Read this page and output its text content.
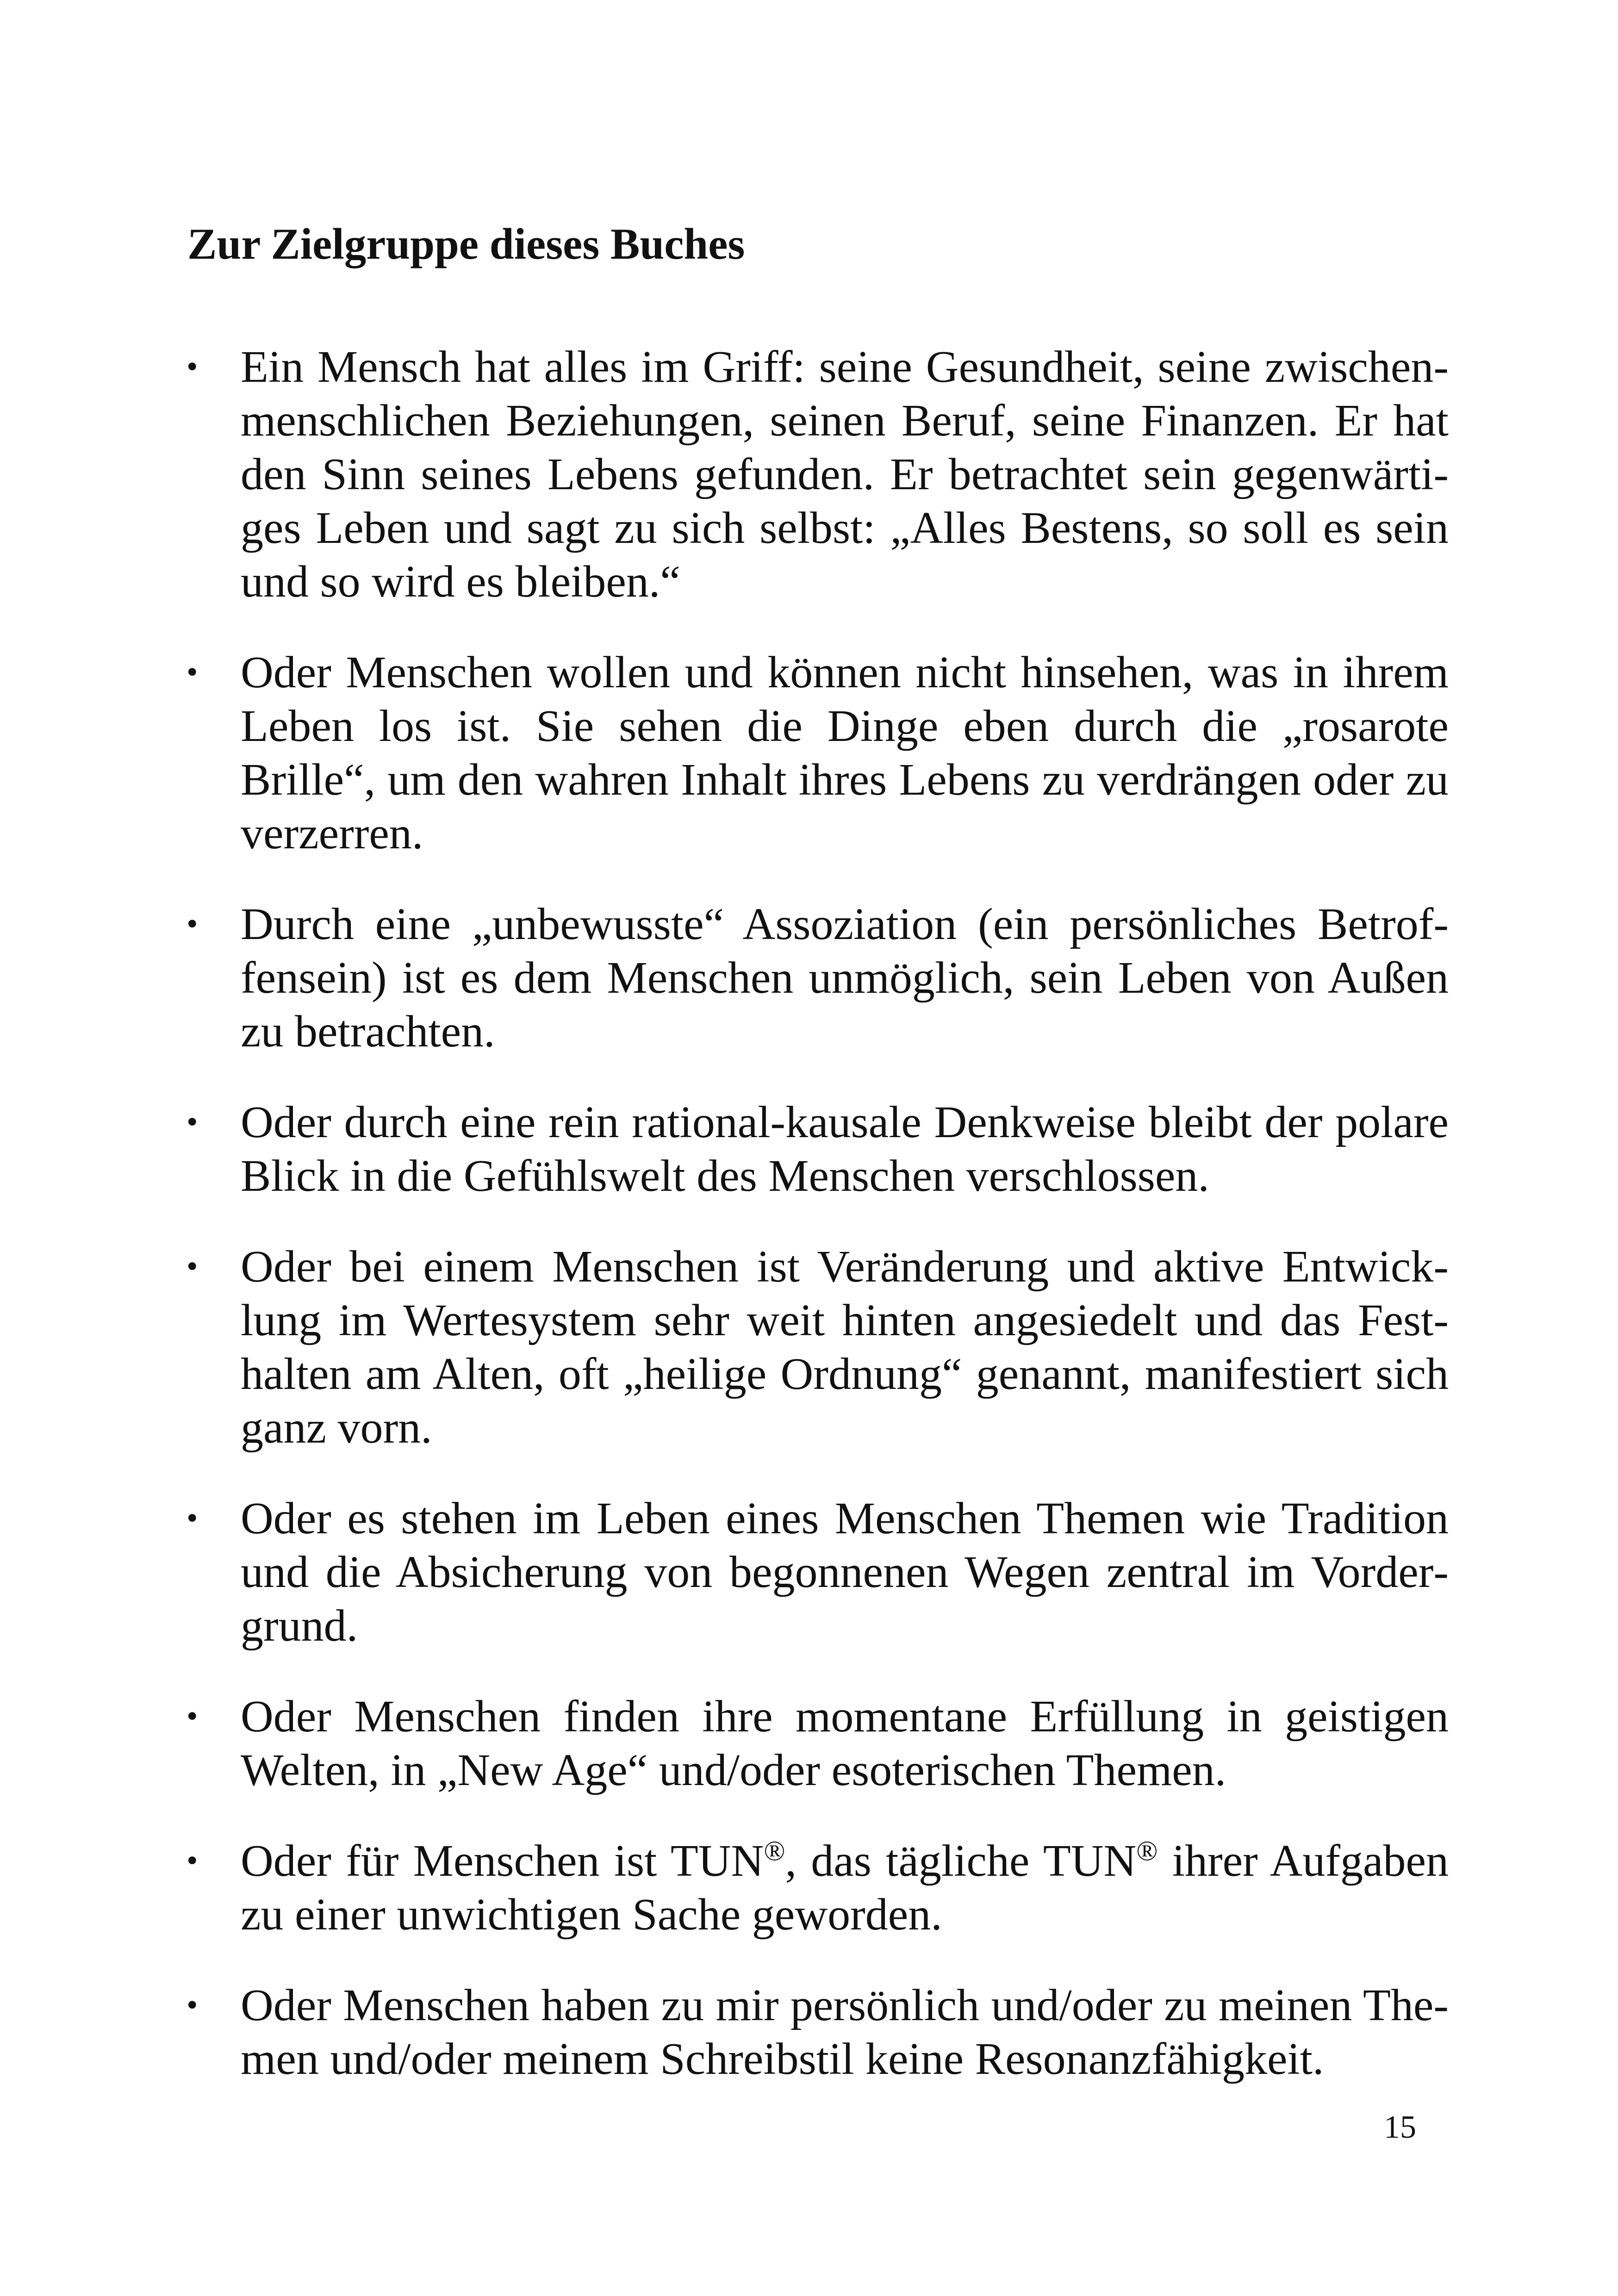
Zur Zielgruppe dieses Buches
• Ein Mensch hat alles im Griff: seine Gesundheit, seine zwischenmenschlichen Beziehungen, seinen Beruf, seine Finanzen. Er hat den Sinn seines Lebens gefunden. Er betrachtet sein gegenwärtiges Leben und sagt zu sich selbst: „Alles Bestens, so soll es sein und so wird es bleiben.“
• Oder Menschen wollen und können nicht hinsehen, was in ihrem Leben los ist. Sie sehen die Dinge eben durch die „rosarote Brille“, um den wahren Inhalt ihres Lebens zu verdrängen oder zu verzerren.
• Durch eine „unbewusste“ Assoziation (ein persönliches Betroffensein) ist es dem Menschen unmöglich, sein Leben von Außen zu betrachten.
• Oder durch eine rein rational-kausale Denkweise bleibt der polare Blick in die Gefühlswelt des Menschen verschlossen.
• Oder bei einem Menschen ist Veränderung und aktive Entwicklung im Wertesystem sehr weit hinten angesiedelt und das Festhalten am Alten, oft „heilige Ordnung“ genannt, manifestiert sich ganz vorn.
• Oder es stehen im Leben eines Menschen Themen wie Tradition und die Absicherung von begonnenen Wegen zentral im Vordergrund.
• Oder Menschen finden ihre momentane Erfüllung in geistigen Welten, in „New Age“ und/oder esoterischen Themen.
• Oder für Menschen ist TUN®, das tägliche TUN® ihrer Aufgaben zu einer unwichtigen Sache geworden.
• Oder Menschen haben zu mir persönlich und/oder zu meinen Themen und/oder meinem Schreibstil keine Resonanzfähigkeit.
15
